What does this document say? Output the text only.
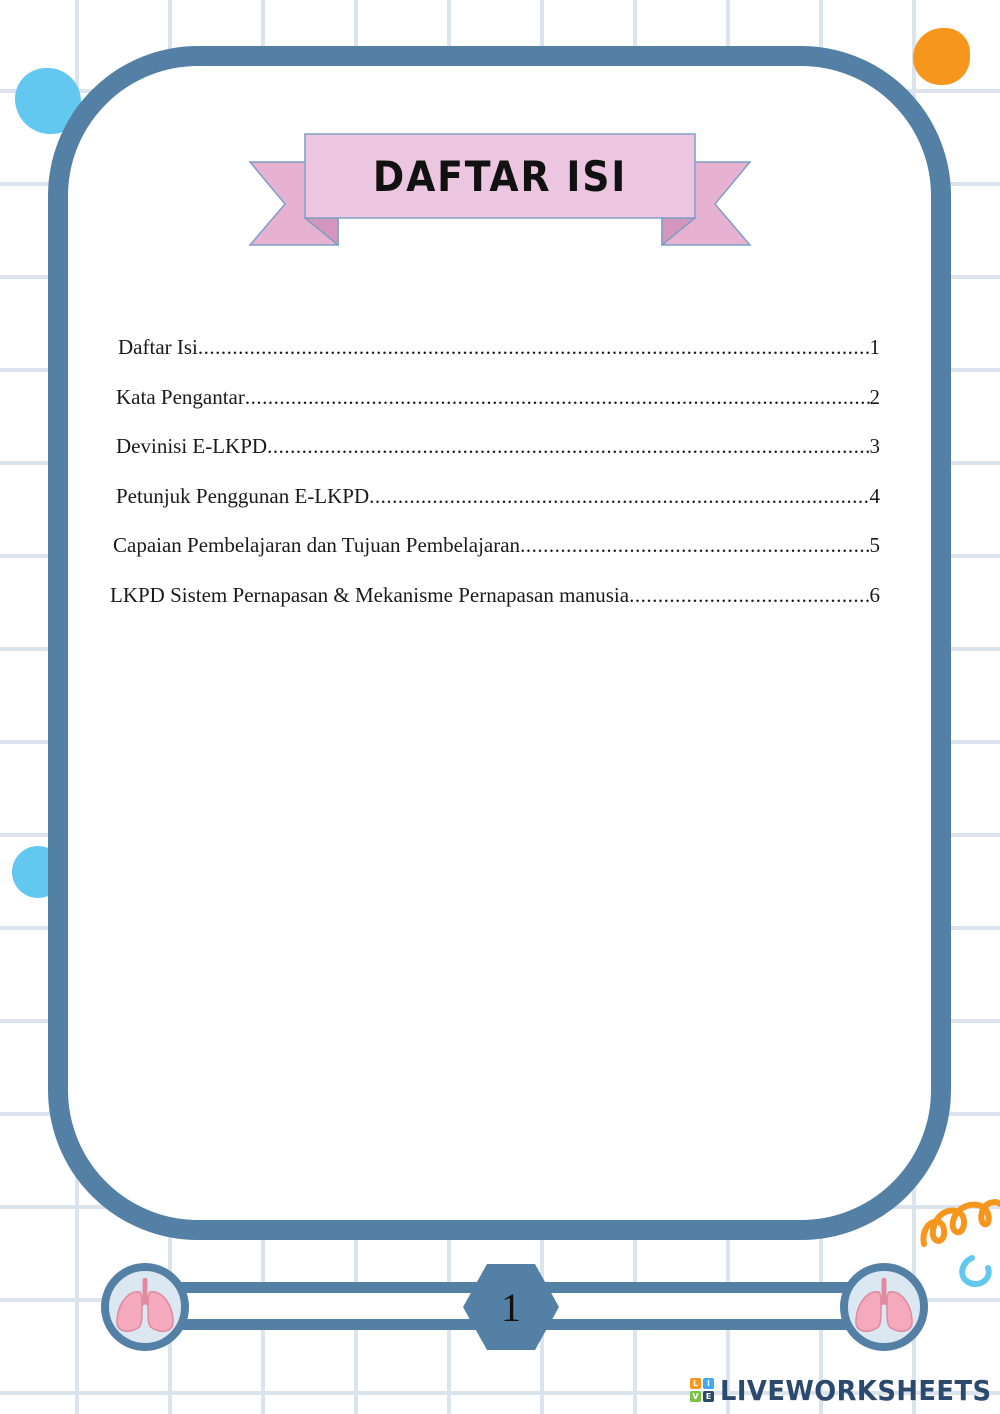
DAFTAR ISI
Daftar Isi .....	1
Kata Pengantar .....	2
Devinisi E-LKPD .....	3
Petunjuk Penggunan E-LKPD .....	4
Capaian Pembelajaran dan Tujuan Pembelajaran .....	5
LKPD Sistem Pernapasan & Mekanisme Pernapasan manusia .....	6
1
L	I
V E LIVEWORKSHEETS
